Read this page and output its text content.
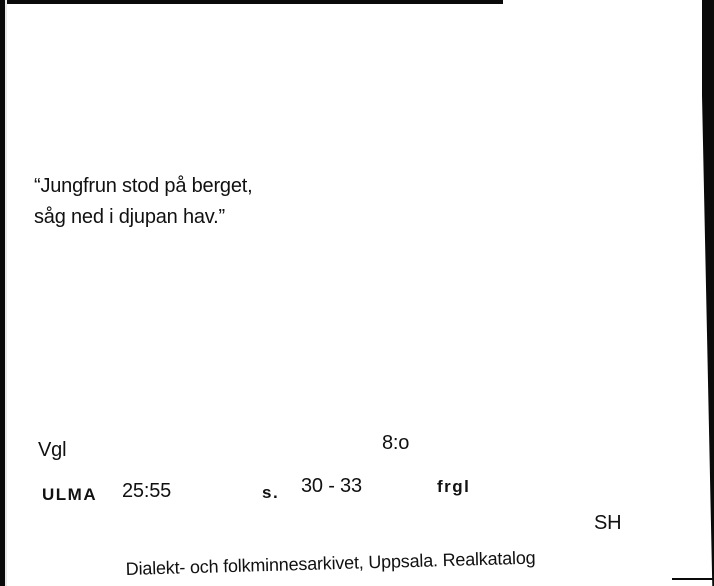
“Jungfrun stod på berget,
såg ned i djupan hav.”
Vgl	8:o
ULMA 25:55	s. 30 - 33	frgl
SH
Dialekt- och folkminnesarkivet, Uppsala. Realkatalog
